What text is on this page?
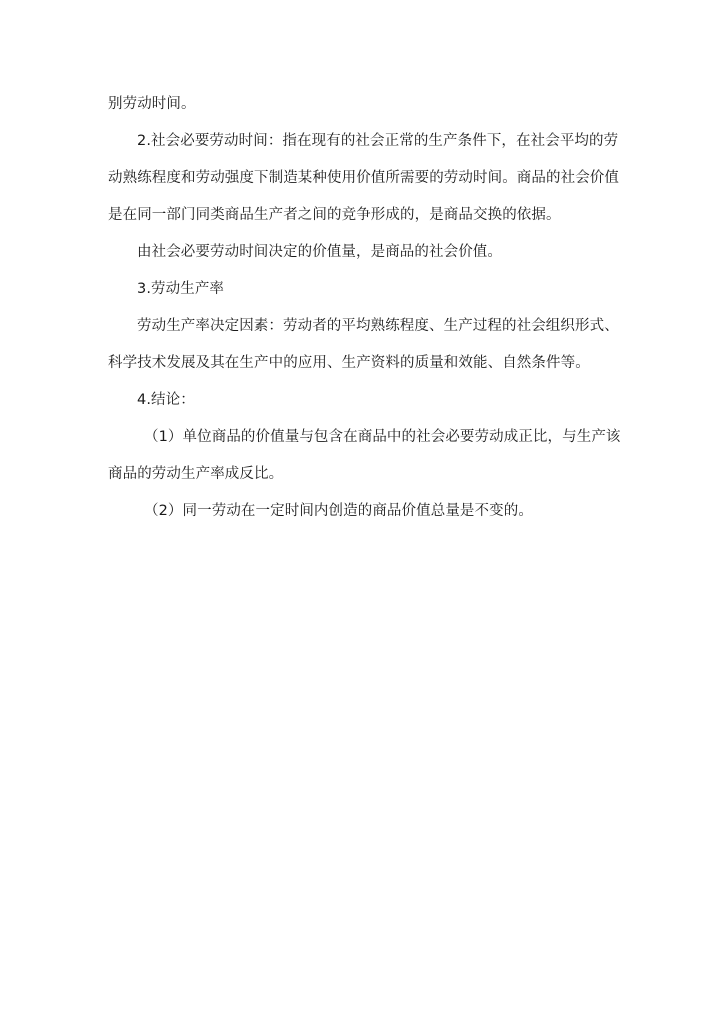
别劳动时间。
2.社会必要劳动时间：指在现有的社会正常的生产条件下，在社会平均的劳
动熟练程度和劳动强度下制造某种使用价值所需要的劳动时间。商品的社会价值
是在同一部门同类商品生产者之间的竞争形成的，是商品交换的依据。
由社会必要劳动时间决定的价值量，是商品的社会价值。
3.劳动生产率
劳动生产率决定因素：劳动者的平均熟练程度、生产过程的社会组织形式、
科学技术发展及其在生产中的应用、生产资料的质量和效能、自然条件等。
4.结论：
（1）单位商品的价值量与包含在商品中的社会必要劳动成正比，与生产该
商品的劳动生产率成反比。
（2）同一劳动在一定时间内创造的商品价值总量是不变的。
